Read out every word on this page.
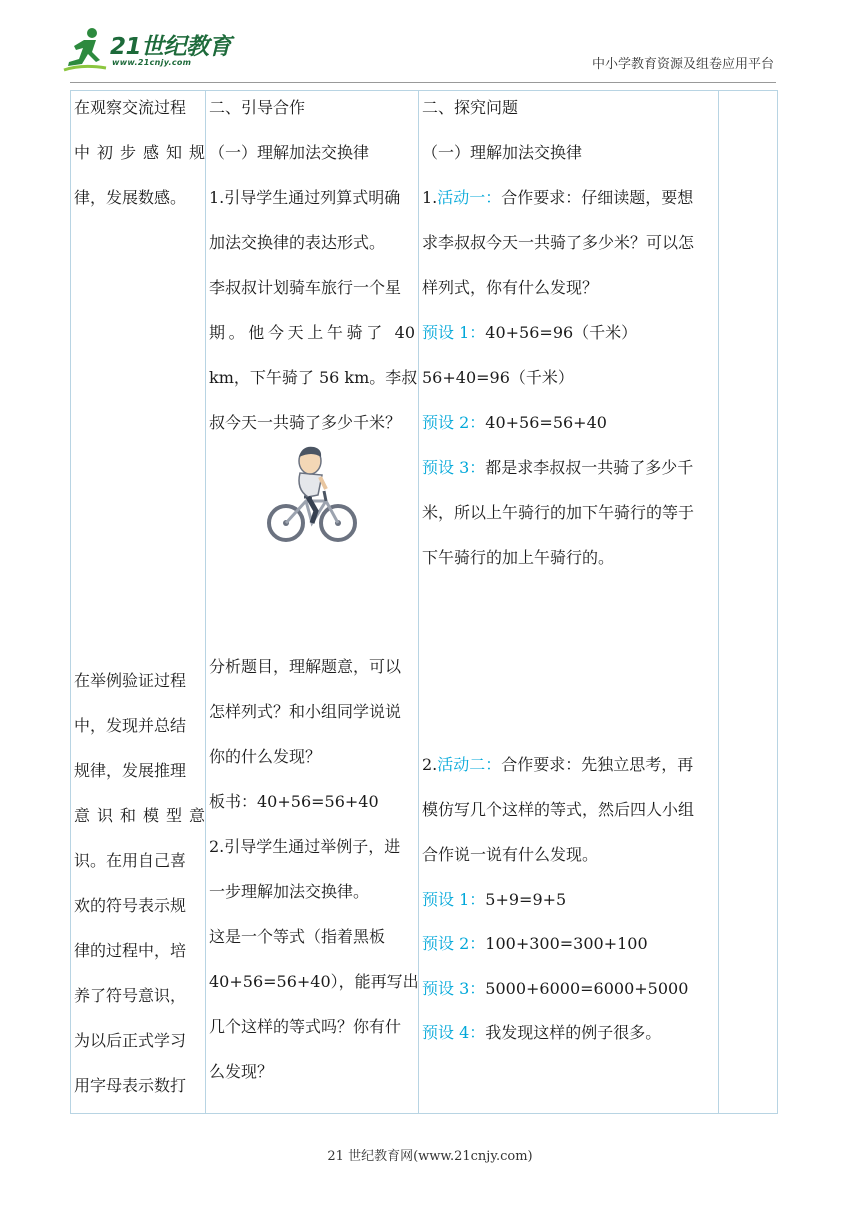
21世纪教育
www.21cnjy.com	中小学教育资源及组卷应用平台
在观察交流过程
中初步感知规
律，发展数感。
在举例验证过程
中，发现并总结
规律，发展推理
意识和模型意
识。在用自己喜
欢的符号表示规
律的过程中，培
养了符号意识，
为以后正式学习
用字母表示数打

二、引导合作
（一）理解加法交换律
1.引导学生通过列算式明确
加法交换律的表达形式。
李叔叔计划骑车旅行一个星
期。他今天上午骑了 40
km，下午骑了 56 km。李叔
叔今天一共骑了多少千米？
分析题目，理解题意，可以
怎样列式？和小组同学说说
你的什么发现？
板书：40+56=56+40
2.引导学生通过举例子，进
一步理解加法交换律。
这是一个等式（指着黑板
40+56=56+40），能再写出
几个这样的等式吗？你有什
么发现？

二、探究问题
（一）理解加法交换律
1.活动一：合作要求：仔细读题，要想
求李叔叔今天一共骑了多少米？可以怎
样列式，你有什么发现？
预设 1：40+56=96（千米）
56+40=96（千米）
预设 2：40+56=56+40
预设 3：都是求李叔叔一共骑了多少千
米，所以上午骑行的加下午骑行的等于
下午骑行的加上午骑行的。
2.活动二：合作要求：先独立思考，再
模仿写几个这样的等式，然后四人小组
合作说一说有什么发现。
预设 1：5+9=9+5
预设 2：100+300=300+100
预设 3：5000+6000=6000+5000
预设 4：我发现这样的例子很多。

21 世纪教育网(www.21cnjy.com)
